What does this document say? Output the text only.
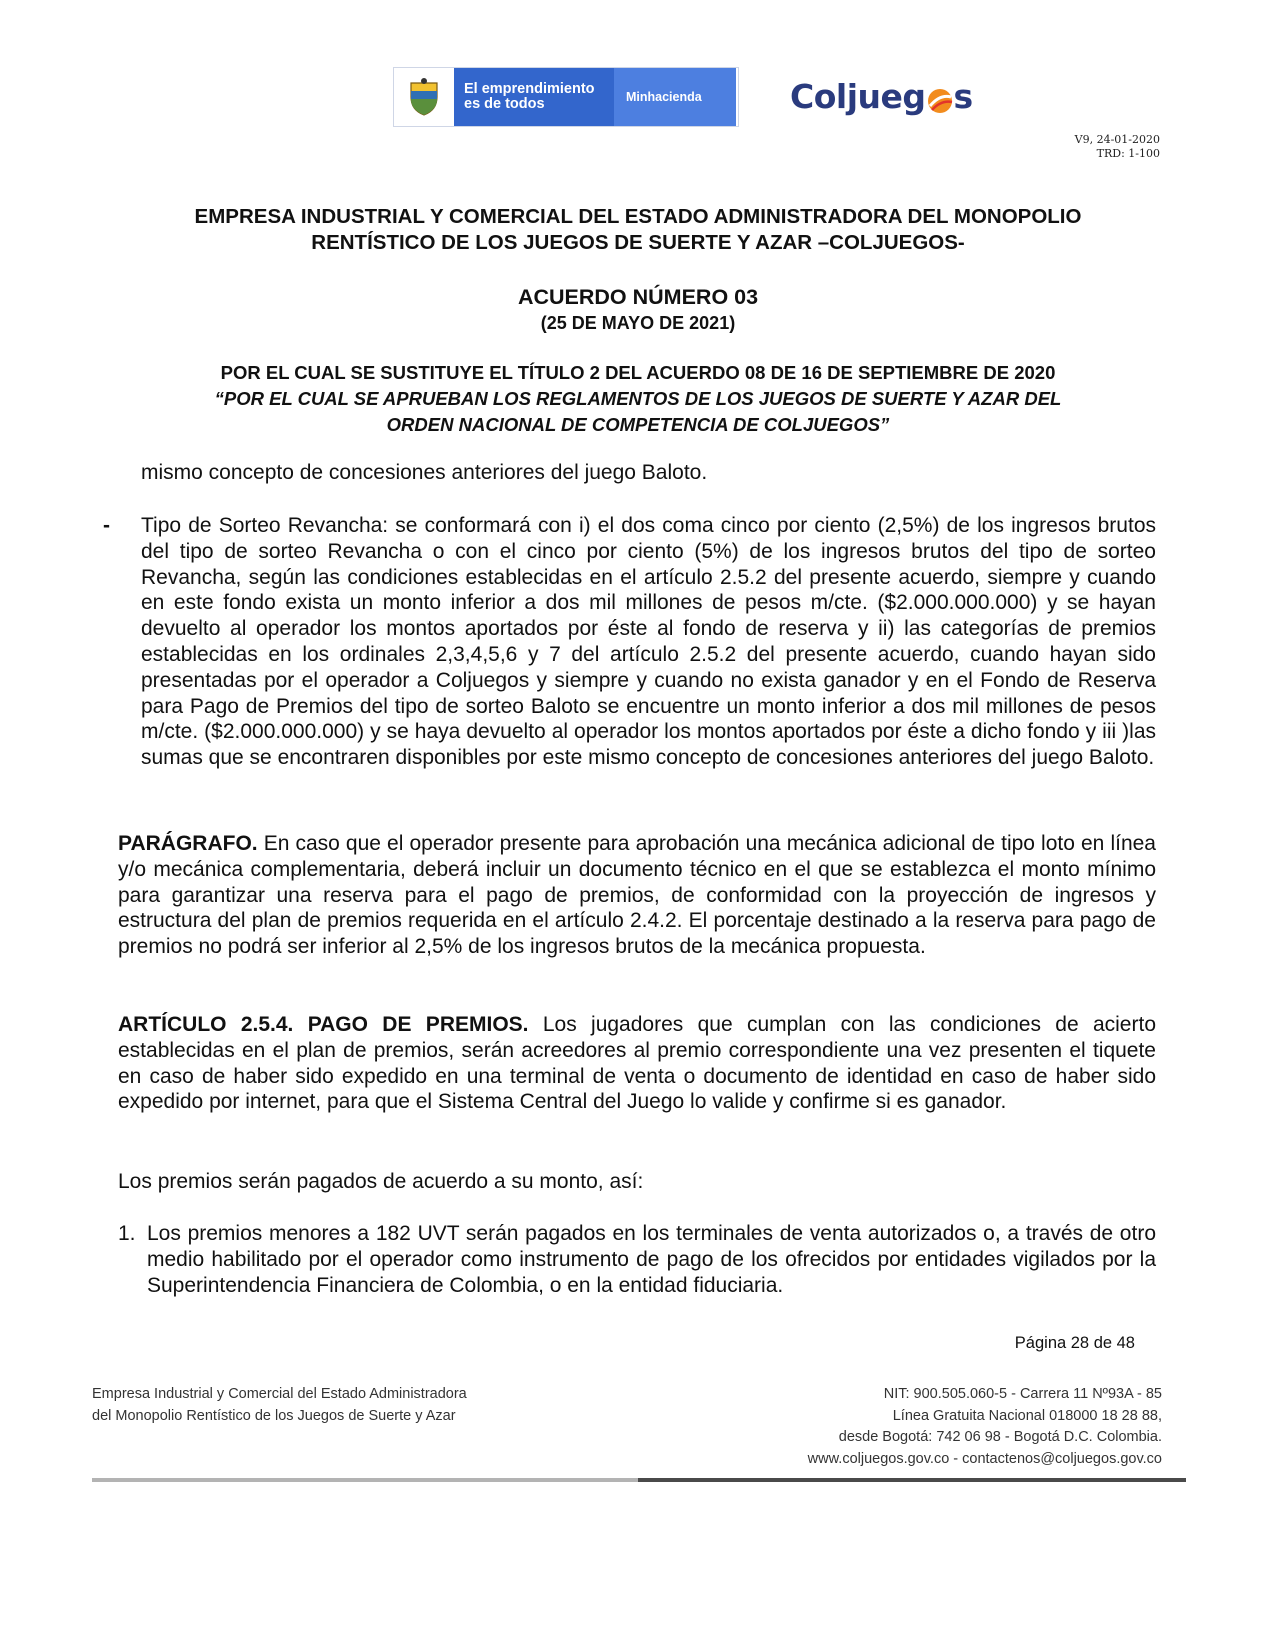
El emprendimiento
es de todos	Minhacienda	Coljueg s
V9, 24-01-2020
TRD: 1-100
EMPRESA INDUSTRIAL Y COMERCIAL DEL ESTADO ADMINISTRADORA DEL MONOPOLIO
RENTÍSTICO DE LOS JUEGOS DE SUERTE Y AZAR –COLJUEGOS-
ACUERDO NÚMERO 03
(25 DE MAYO DE 2021)
POR EL CUAL SE SUSTITUYE EL TÍTULO 2 DEL ACUERDO 08 DE 16 DE SEPTIEMBRE DE 2020
“POR EL CUAL SE APRUEBAN LOS REGLAMENTOS DE LOS JUEGOS DE SUERTE Y AZAR DEL
ORDEN NACIONAL DE COMPETENCIA DE COLJUEGOS”
mismo concepto de concesiones anteriores del juego Baloto.
- Tipo de Sorteo Revancha: se conformará con i) el dos coma cinco por ciento (2,5%) de los ingresos brutos del tipo de sorteo Revancha o con el cinco por ciento (5%) de los ingresos brutos del tipo de sorteo Revancha, según las condiciones establecidas en el artículo 2.5.2 del presente acuerdo, siempre y cuando en este fondo exista un monto inferior a dos mil millones de pesos m/cte. ($2.000.000.000) y se hayan devuelto al operador los montos aportados por éste al fondo de reserva y ii) las categorías de premios establecidas en los ordinales 2,3,4,5,6 y 7 del artículo 2.5.2 del presente acuerdo, cuando hayan sido presentadas por el operador a Coljuegos y siempre y cuando no exista ganador y en el Fondo de Reserva para Pago de Premios del tipo de sorteo Baloto se encuentre un monto inferior a dos mil millones de pesos m/cte. ($2.000.000.000) y se haya devuelto al operador los montos aportados por éste a dicho fondo y iii )las sumas que se encontraren disponibles por este mismo concepto de concesiones anteriores del juego Baloto.
PARÁGRAFO. En caso que el operador presente para aprobación una mecánica adicional de tipo loto en línea y/o mecánica complementaria, deberá incluir un documento técnico en el que se establezca el monto mínimo para garantizar una reserva para el pago de premios, de conformidad con la proyección de ingresos y estructura del plan de premios requerida en el artículo 2.4.2. El porcentaje destinado a la reserva para pago de premios no podrá ser inferior al 2,5% de los ingresos brutos de la mecánica propuesta.
ARTÍCULO 2.5.4. PAGO DE PREMIOS. Los jugadores que cumplan con las condiciones de acierto establecidas en el plan de premios, serán acreedores al premio correspondiente una vez presenten el tiquete en caso de haber sido expedido en una terminal de venta o documento de identidad en caso de haber sido expedido por internet, para que el Sistema Central del Juego lo valide y confirme si es ganador.
Los premios serán pagados de acuerdo a su monto, así:
1. Los premios menores a 182 UVT serán pagados en los terminales de venta autorizados o, a través de otro medio habilitado por el operador como instrumento de pago de los ofrecidos por entidades vigilados por la Superintendencia Financiera de Colombia, o en la entidad fiduciaria.
Página 28 de 48
Empresa Industrial y Comercial del Estado Administradora
del Monopolio Rentístico de los Juegos de Suerte y Azar
NIT: 900.505.060-5 - Carrera 11 Nº93A - 85
Línea Gratuita Nacional 018000 18 28 88,
desde Bogotá: 742 06 98 - Bogotá D.C. Colombia.
www.coljuegos.gov.co - contactenos@coljuegos.gov.co
